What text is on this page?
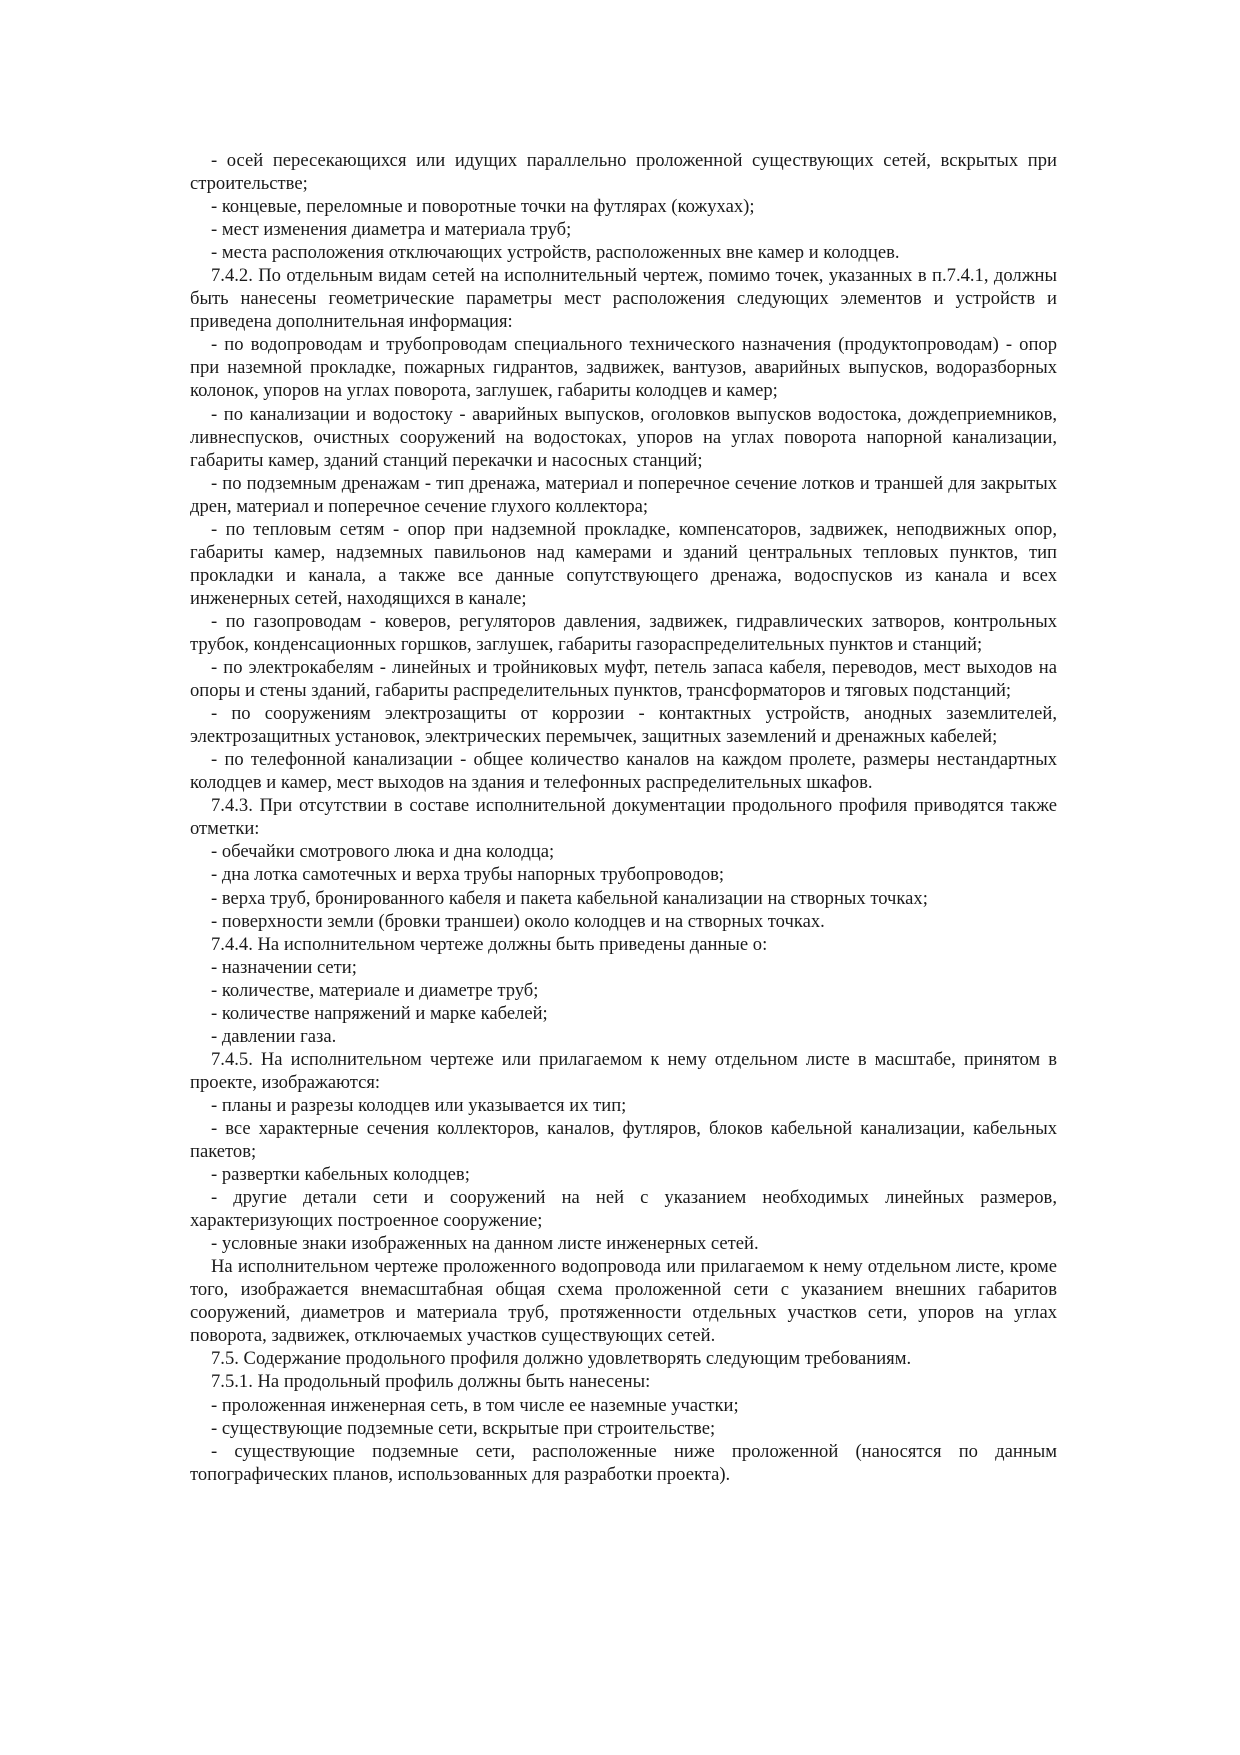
- осей пересекающихся или идущих параллельно проложенной существующих сетей, вскрытых при строительстве;

- концевые, переломные и поворотные точки на футлярах (кожухах);

- мест изменения диаметра и материала труб;

- места расположения отключающих устройств, расположенных вне камер и колодцев.

7.4.2. По отдельным видам сетей на исполнительный чертеж, помимо точек, указанных в п.7.4.1, должны быть нанесены геометрические параметры мест расположения следующих элементов и устройств и приведена дополнительная информация:

- по водопроводам и трубопроводам специального технического назначения (продуктопроводам) - опор при наземной прокладке, пожарных гидрантов, задвижек, вантузов, аварийных выпусков, водоразборных колонок, упоров на углах поворота, заглушек, габариты колодцев и камер;

- по канализации и водостоку - аварийных выпусков, оголовков выпусков водостока, дождеприемников, ливнеспусков, очистных сооружений на водостоках, упоров на углах поворота напорной канализации, габариты камер, зданий станций перекачки и насосных станций;

- по подземным дренажам - тип дренажа, материал и поперечное сечение лотков и траншей для закрытых дрен, материал и поперечное сечение глухого коллектора;

- по тепловым сетям - опор при надземной прокладке, компенсаторов, задвижек, неподвижных опор, габариты камер, надземных павильонов над камерами и зданий центральных тепловых пунктов, тип прокладки и канала, а также все данные сопутствующего дренажа, водоспусков из канала и всех инженерных сетей, находящихся в канале;

- по газопроводам - коверов, регуляторов давления, задвижек, гидравлических затворов, контрольных трубок, конденсационных горшков, заглушек, габариты газораспределительных пунктов и станций;

- по электрокабелям - линейных и тройниковых муфт, петель запаса кабеля, переводов, мест выходов на опоры и стены зданий, габариты распределительных пунктов, трансформаторов и тяговых подстанций;

- по сооружениям электрозащиты от коррозии - контактных устройств, анодных заземлителей, электрозащитных установок, электрических перемычек, защитных заземлений и дренажных кабелей;

- по телефонной канализации - общее количество каналов на каждом пролете, размеры нестандартных колодцев и камер, мест выходов на здания и телефонных распределительных шкафов.

7.4.3. При отсутствии в составе исполнительной документации продольного профиля приводятся также отметки:

- обечайки смотрового люка и дна колодца;

- дна лотка самотечных и верха трубы напорных трубопроводов;

- верха труб, бронированного кабеля и пакета кабельной канализации на створных точках;

- поверхности земли (бровки траншеи) около колодцев и на створных точках.

7.4.4. На исполнительном чертеже должны быть приведены данные о:

- назначении сети;

- количестве, материале и диаметре труб;

- количестве напряжений и марке кабелей;

- давлении газа.

7.4.5. На исполнительном чертеже или прилагаемом к нему отдельном листе в масштабе, принятом в проекте, изображаются:

- планы и разрезы колодцев или указывается их тип;

- все характерные сечения коллекторов, каналов, футляров, блоков кабельной канализации, кабельных пакетов;

- развертки кабельных колодцев;

- другие детали сети и сооружений на ней с указанием необходимых линейных размеров, характеризующих построенное сооружение;

- условные знаки изображенных на данном листе инженерных сетей.

На исполнительном чертеже проложенного водопровода или прилагаемом к нему отдельном листе, кроме того, изображается внемасштабная общая схема проложенной сети с указанием внешних габаритов сооружений, диаметров и материала труб, протяженности отдельных участков сети, упоров на углах поворота, задвижек, отключаемых участков существующих сетей.

7.5. Содержание продольного профиля должно удовлетворять следующим требованиям.

7.5.1. На продольный профиль должны быть нанесены:

- проложенная инженерная сеть, в том числе ее наземные участки;

- существующие подземные сети, вскрытые при строительстве;

- существующие подземные сети, расположенные ниже проложенной (наносятся по данным топографических планов, использованных для разработки проекта).
